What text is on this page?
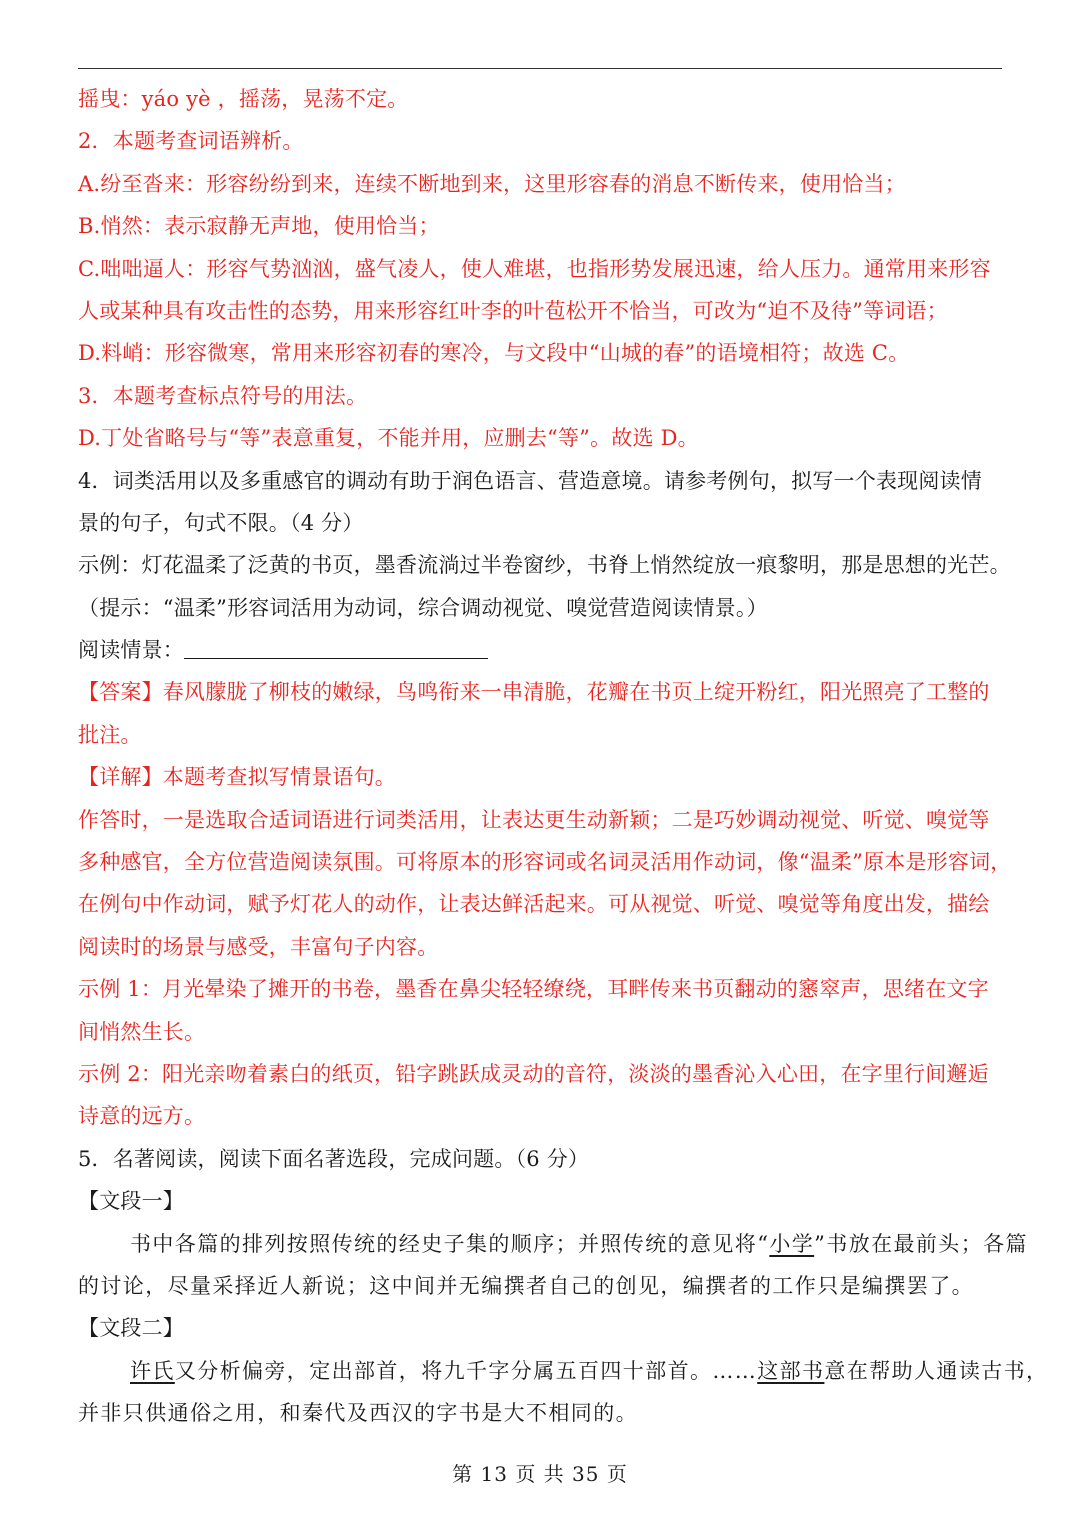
摇曳：yáo yè ，摇荡，晃荡不定。
2．本题考查词语辨析。
A.纷至沓来：形容纷纷到来，连续不断地到来，这里形容春的消息不断传来，使用恰当；
B.悄然：表示寂静无声地，使用恰当；
C.咄咄逼人：形容气势汹汹，盛气凌人，使人难堪，也指形势发展迅速，给人压力。通常用来形容
人或某种具有攻击性的态势，用来形容红叶李的叶苞松开不恰当，可改为“迫不及待”等词语；
D.料峭：形容微寒，常用来形容初春的寒冷，与文段中“山城的春”的语境相符；故选 C。
3．本题考查标点符号的用法。
D.丁处省略号与“等”表意重复，不能并用，应删去“等”。故选 D。
4．词类活用以及多重感官的调动有助于润色语言、营造意境。请参考例句，拟写一个表现阅读情
景的句子，句式不限。（4 分）
示例：灯花温柔了泛黄的书页，墨香流淌过半卷窗纱，书脊上悄然绽放一痕黎明，那是思想的光芒。
（提示：“温柔”形容词活用为动词，综合调动视觉、嗅觉营造阅读情景。）
阅读情景：
【答案】春风朦胧了柳枝的嫩绿，鸟鸣衔来一串清脆，花瓣在书页上绽开粉红，阳光照亮了工整的
批注。
【详解】本题考查拟写情景语句。
作答时，一是选取合适词语进行词类活用，让表达更生动新颖；二是巧妙调动视觉、听觉、嗅觉等
多种感官，全方位营造阅读氛围。可将原本的形容词或名词灵活用作动词，像“温柔”原本是形容词，
在例句中作动词，赋予灯花人的动作，让表达鲜活起来。可从视觉、听觉、嗅觉等角度出发，描绘
阅读时的场景与感受，丰富句子内容。
示例 1：月光晕染了摊开的书卷，墨香在鼻尖轻轻缭绕，耳畔传来书页翻动的窸窣声，思绪在文字
间悄然生长。
示例 2：阳光亲吻着素白的纸页，铅字跳跃成灵动的音符，淡淡的墨香沁入心田，在字里行间邂逅
诗意的远方。
5．名著阅读，阅读下面名著选段，完成问题。（6 分）
【文段一】
书中各篇的排列按照传统的经史子集的顺序；并照传统的意见将“小学”书放在最前头；各篇
的讨论，尽量采择近人新说；这中间并无编撰者自己的创见，编撰者的工作只是编撰罢了。
【文段二】
许氏又分析偏旁，定出部首，将九千字分属五百四十部首。……这部书意在帮助人通读古书，
并非只供通俗之用，和秦代及西汉的字书是大不相同的。
第 13 页 共 35 页
